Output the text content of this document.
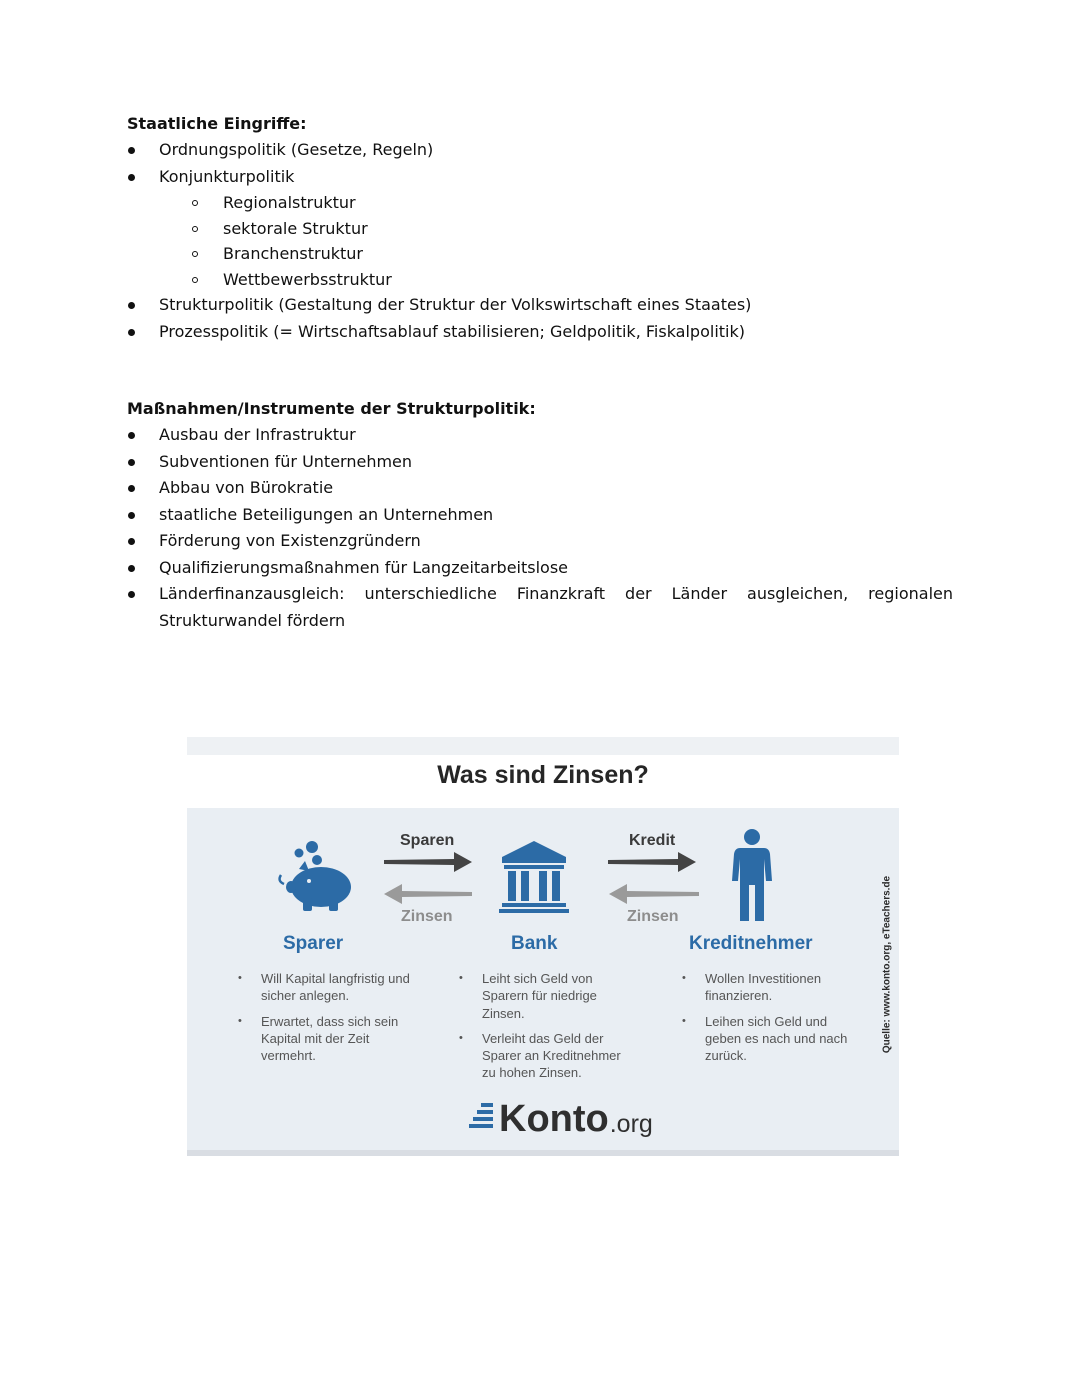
Staatliche Eingriffe:
Ordnungspolitik (Gesetze, Regeln)
Konjunkturpolitik
Regionalstruktur
sektorale Struktur
Branchenstruktur
Wettbewerbsstruktur
Strukturpolitik (Gestaltung der Struktur der Volkswirtschaft eines Staates)
Prozesspolitik (= Wirtschaftsablauf stabilisieren; Geldpolitik, Fiskalpolitik)
Maßnahmen/Instrumente der Strukturpolitik:
Ausbau der Infrastruktur
Subventionen für Unternehmen
Abbau von Bürokratie
staatliche Beteiligungen an Unternehmen
Förderung von Existenzgründern
Qualifizierungsmaßnahmen für Langzeitarbeitslose
Länderfinanzausgleich: unterschiedliche Finanzkraft der Länder ausgleichen, regionalen
Strukturwandel fördern
Was sind Zinsen?
Sparen
Zinsen
Kredit
Zinsen
Sparer	Bank	Kreditnehmer
• Will Kapital langfristig und sicher anlegen.
• Erwartet, dass sich sein Kapital mit der Zeit vermehrt.
• Leiht sich Geld von Sparern für niedrige Zinsen.
• Verleiht das Geld der Sparer an Kreditnehmer zu hohen Zinsen.
• Wollen Investitionen finanzieren.
• Leihen sich Geld und geben es nach und nach zurück.
Quelle: www.konto.org, eTeachers.de
Konto .org
